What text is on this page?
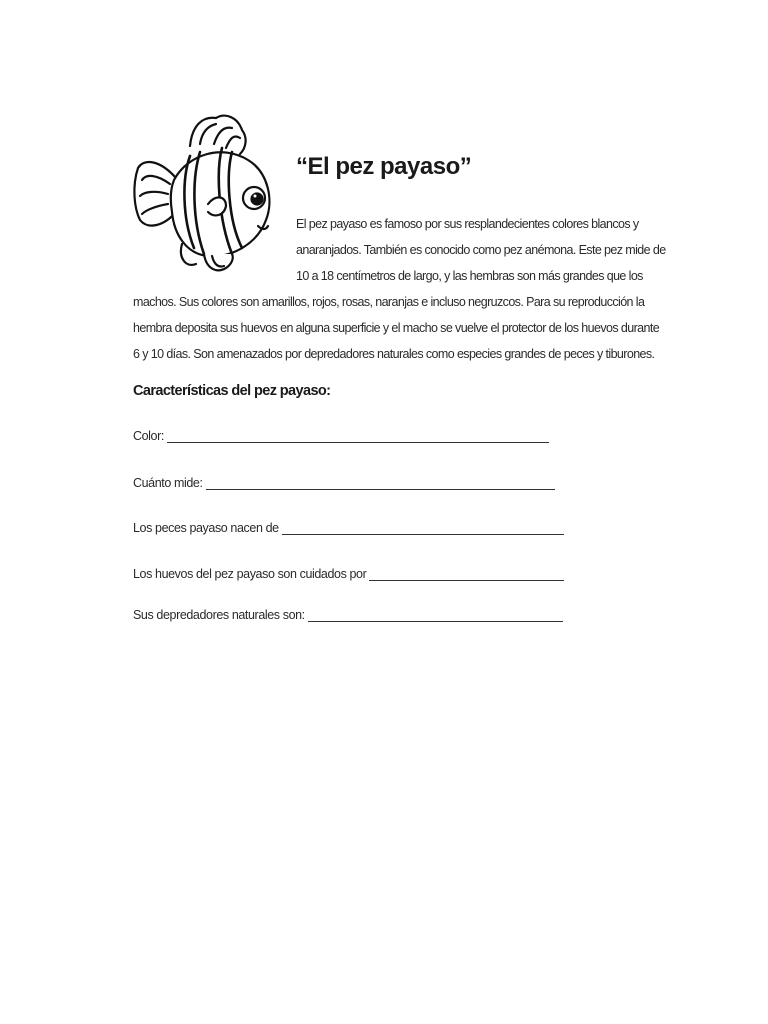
“El pez payaso”

El pez payaso es famoso por sus resplandecientes colores blancos y
anaranjados. También es conocido como pez anémona. Este pez mide de
10 a 18 centímetros de largo, y las hembras son más grandes que los

machos. Sus colores son amarillos, rojos, rosas, naranjas e incluso negruzcos. Para su reproducción la
hembra deposita sus huevos en alguna superficie y el macho se vuelve el protector de los huevos durante
6 y 10 días. Son amenazados por depredadores naturales como especies grandes de peces y tiburones.

Características del pez payaso:
Color:
Cuánto mide:
Los peces payaso nacen de
Los huevos del pez payaso son cuidados por
Sus depredadores naturales son:
